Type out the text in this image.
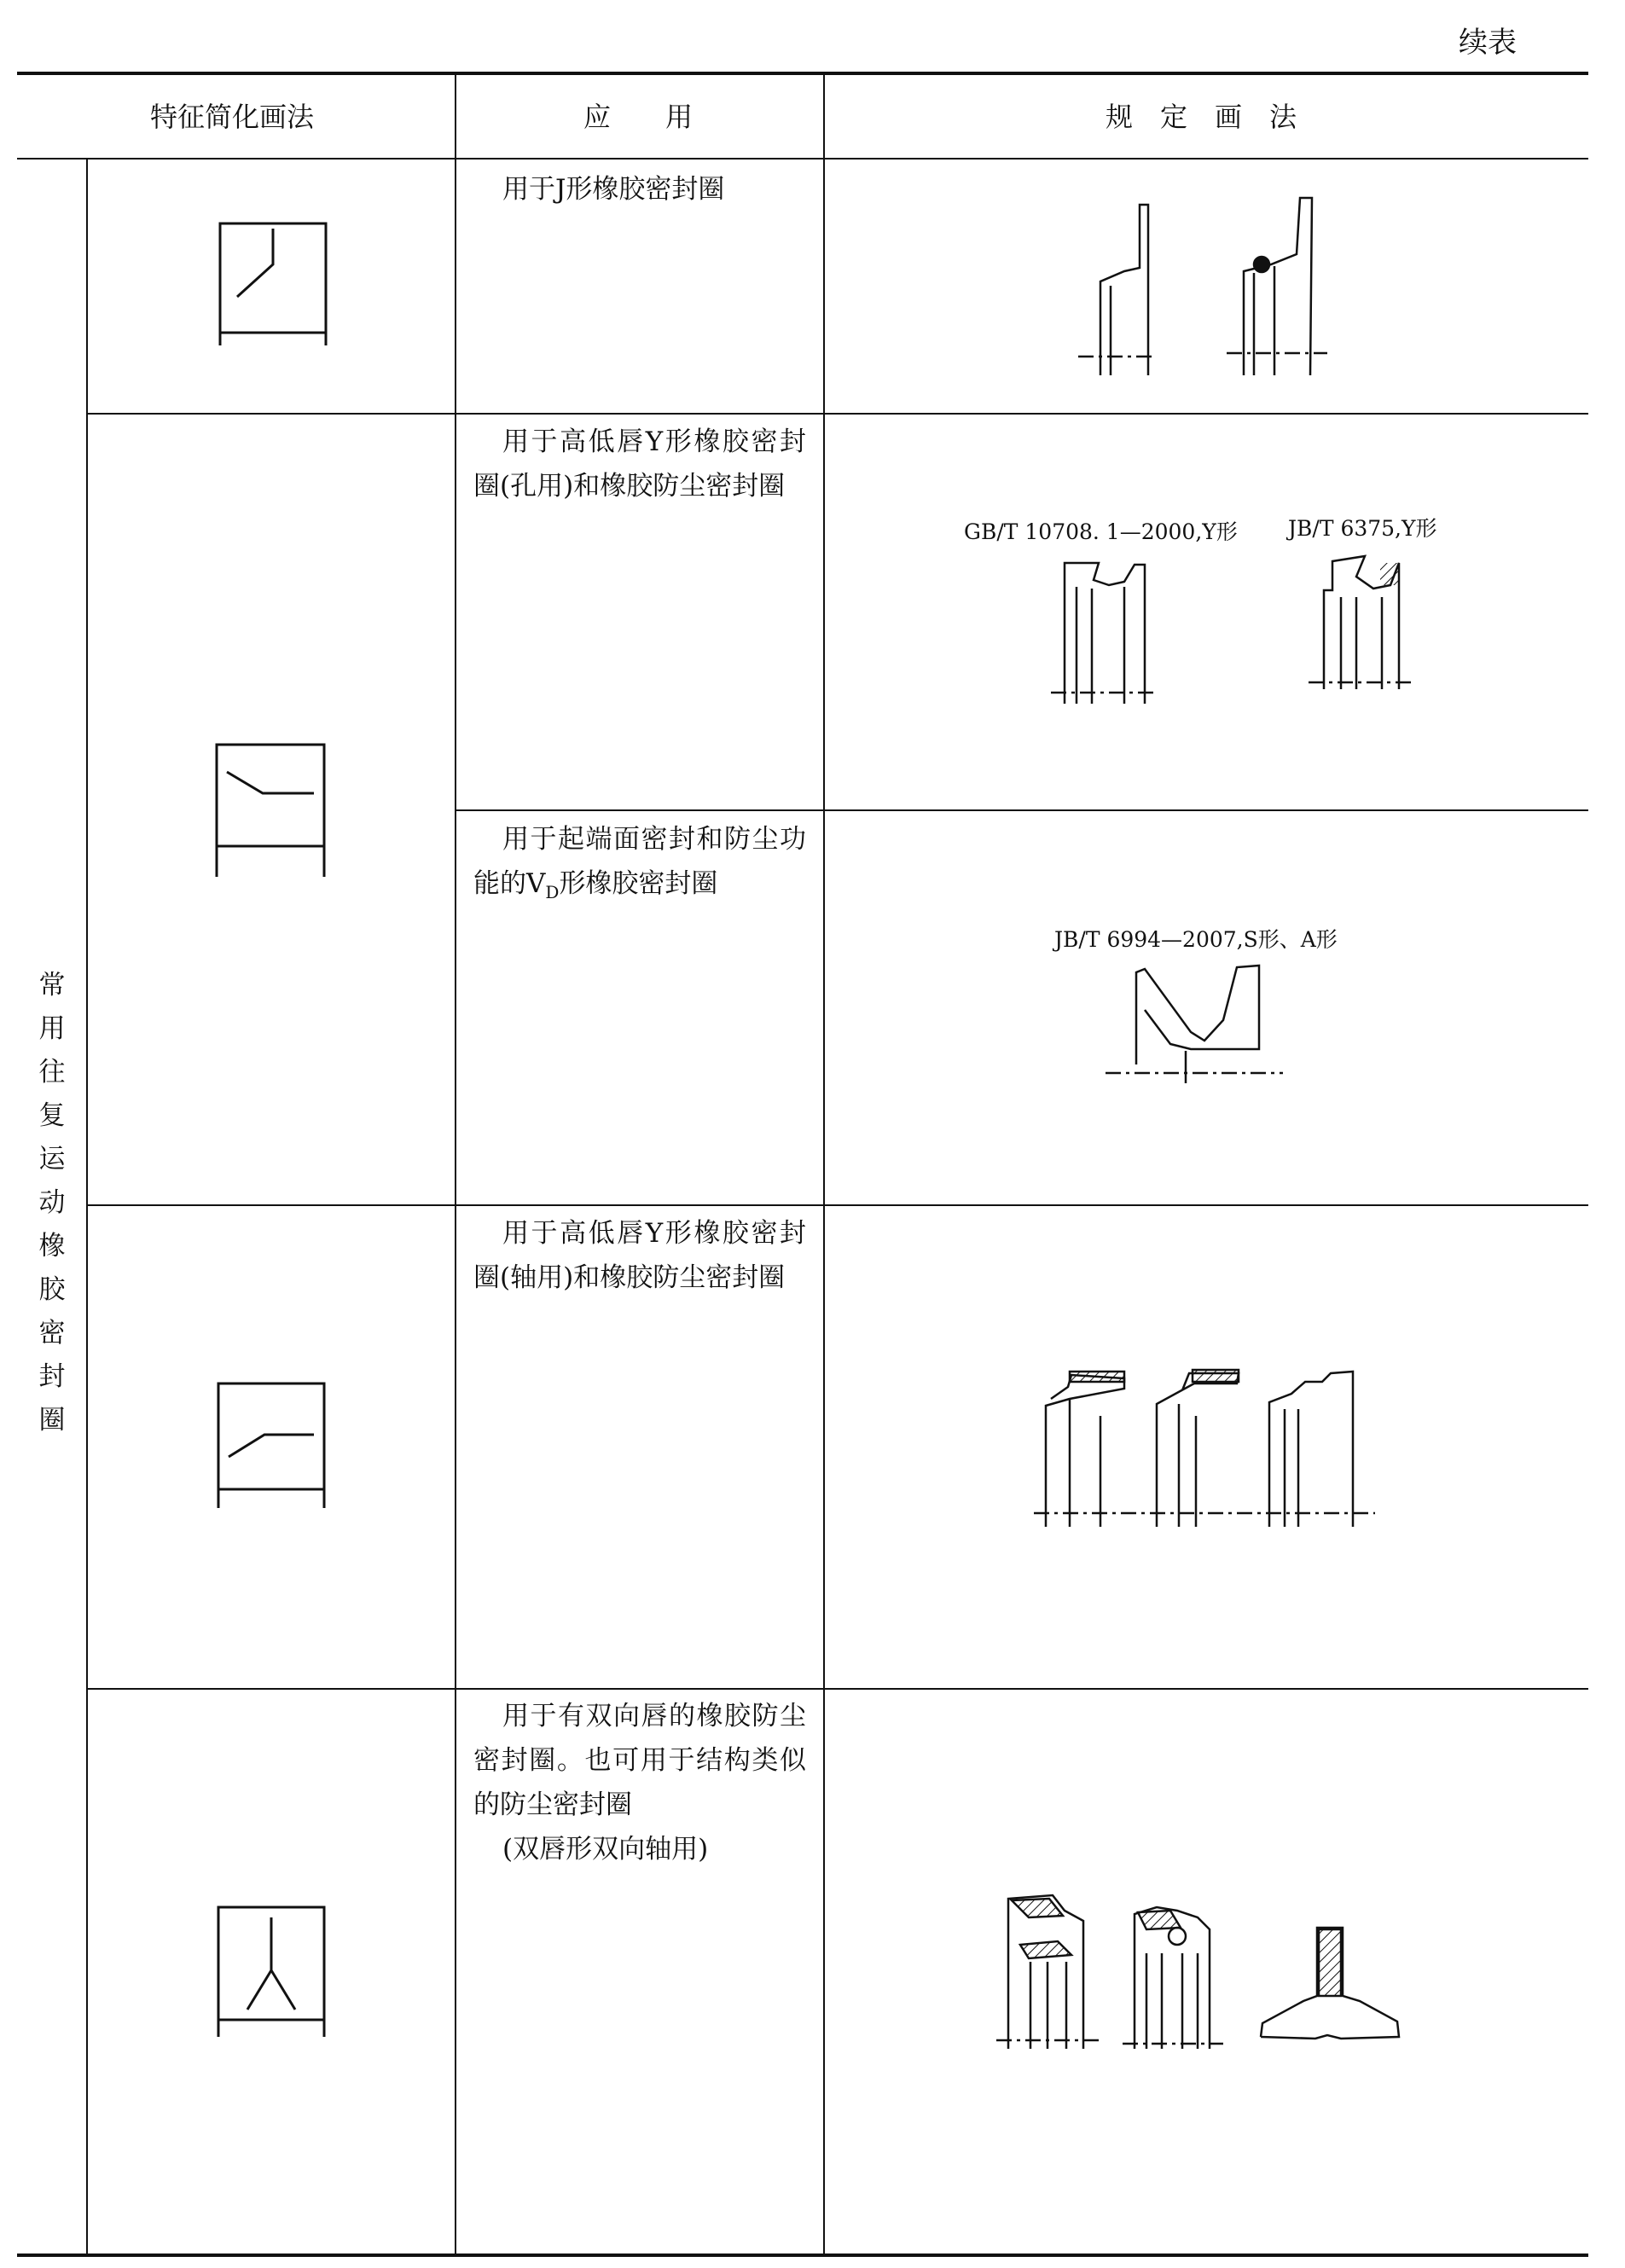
续表
特征简化画法	应　　用	规　定　画　法
常用往复运动橡胶密封圈

用于J形橡胶密封圈

用于高低唇Y形橡胶密封圈(孔用)和橡胶防尘密封圈

用于起端面密封和防尘功能的$V_D$形橡胶密封圈

用于高低唇Y形橡胶密封圈(轴用)和橡胶防尘密封圈

用于有双向唇的橡胶防尘密封圈。也可用于结构类似的防尘密封圈

(双唇形双向轴用)

GB/T 10708. 1—2000,Y形 JB/T 6375,Y形
JB/T 6994—2007,S形、A形
